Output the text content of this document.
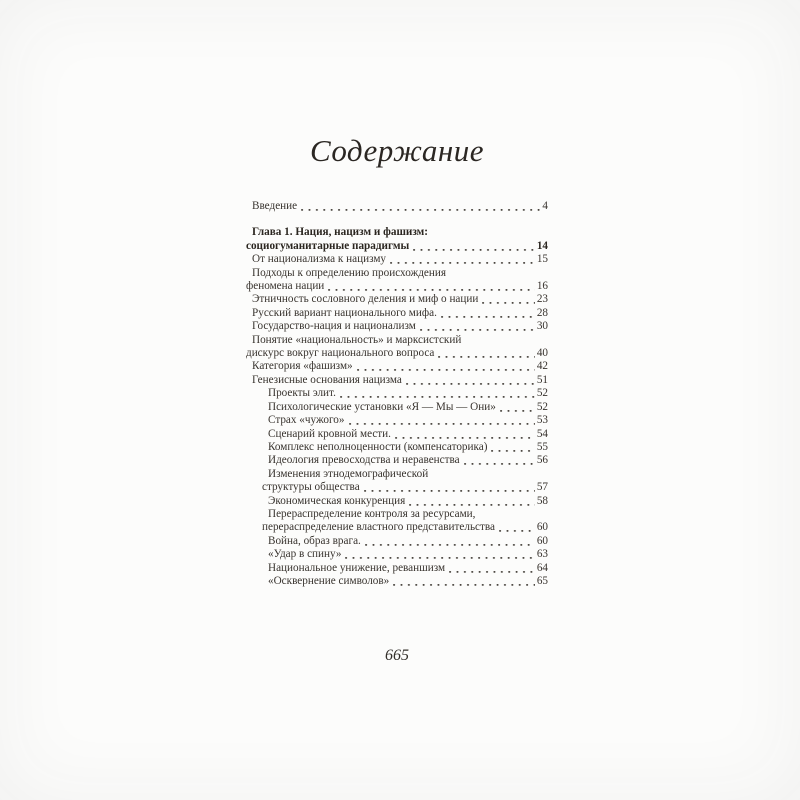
Содержание
Введение	4
Глава 1. Нация, нацизм и фашизм:
социогуманитарные парадигмы	14
От национализма к нацизму	15
Подходы к определению происхождения
феномена нации	16
Этничность сословного деления и миф о нации	23
Русский вариант национального мифа.	28
Государство-нация и национализм	30
Понятие «национальность» и марксистский
дискурс вокруг национального вопроса	40
Категория «фашизм»	42
Генезисные основания нацизма	51
Проекты элит.	52
Психологические установки «Я — Мы — Они»	52
Страх «чужого»	53
Сценарий кровной мести.	54
Комплекс неполноценности (компенсаторика)	55
Идеология превосходства и неравенства	56
Изменения этнодемографической
структуры общества	57
Экономическая конкуренция	58
Перераспределение контроля за ресурсами,
перераспределение властного представительства	60
Война, образ врага.	60
«Удар в спину»	63
Национальное унижение, реваншизм	64
«Осквернение символов»	65
665
